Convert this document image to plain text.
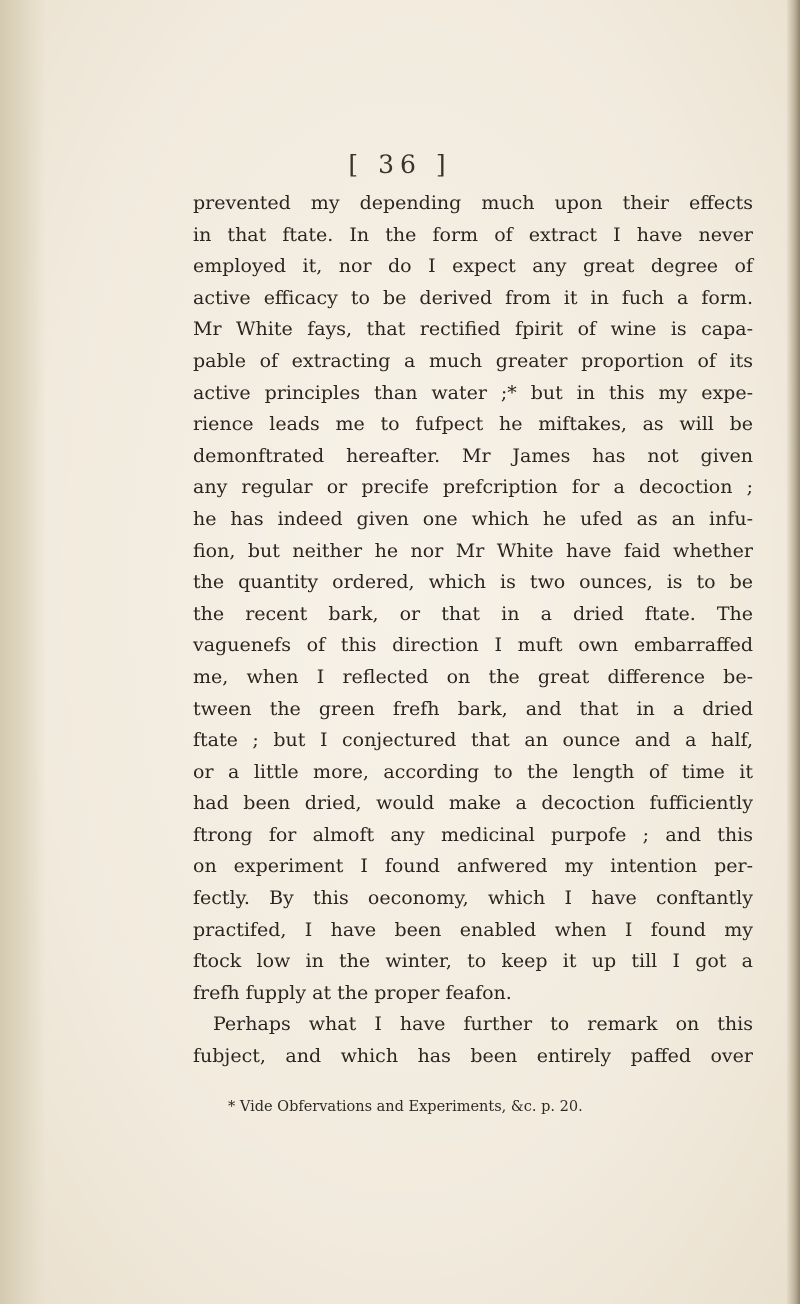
[ 36 ]
prevented my depending much upon their effects
in that ftate. In the form of extract I have never
employed it, nor do I expect any great degree of
active efficacy to be derived from it in fuch a form.
Mr White fays, that rectified fpirit of wine is capa-
pable of extracting a much greater proportion of its
active principles than water ;* but in this my expe-
rience leads me to fufpect he miftakes, as will be
demonftrated hereafter. Mr James has not given
any regular or precife prefcription for a decoction ;
he has indeed given one which he ufed as an infu-
fion, but neither he nor Mr White have faid whether
the quantity ordered, which is two ounces, is to be
the recent bark, or that in a dried ftate. The
vaguenefs of this direction I muft own embarraffed
me, when I reflected on the great difference be-
tween the green frefh bark, and that in a dried
ftate ; but I conjectured that an ounce and a half,
or a little more, according to the length of time it
had been dried, would make a decoction fufficiently
ftrong for almoft any medicinal purpofe ; and this
on experiment I found anfwered my intention per-
fectly. By this oeconomy, which I have conftantly
practifed, I have been enabled when I found my
ftock low in the winter, to keep it up till I got a
frefh fupply at the proper feafon.
Perhaps what I have further to remark on this
fubject, and which has been entirely paffed over
* Vide Obfervations and Experiments, &c. p. 20.
